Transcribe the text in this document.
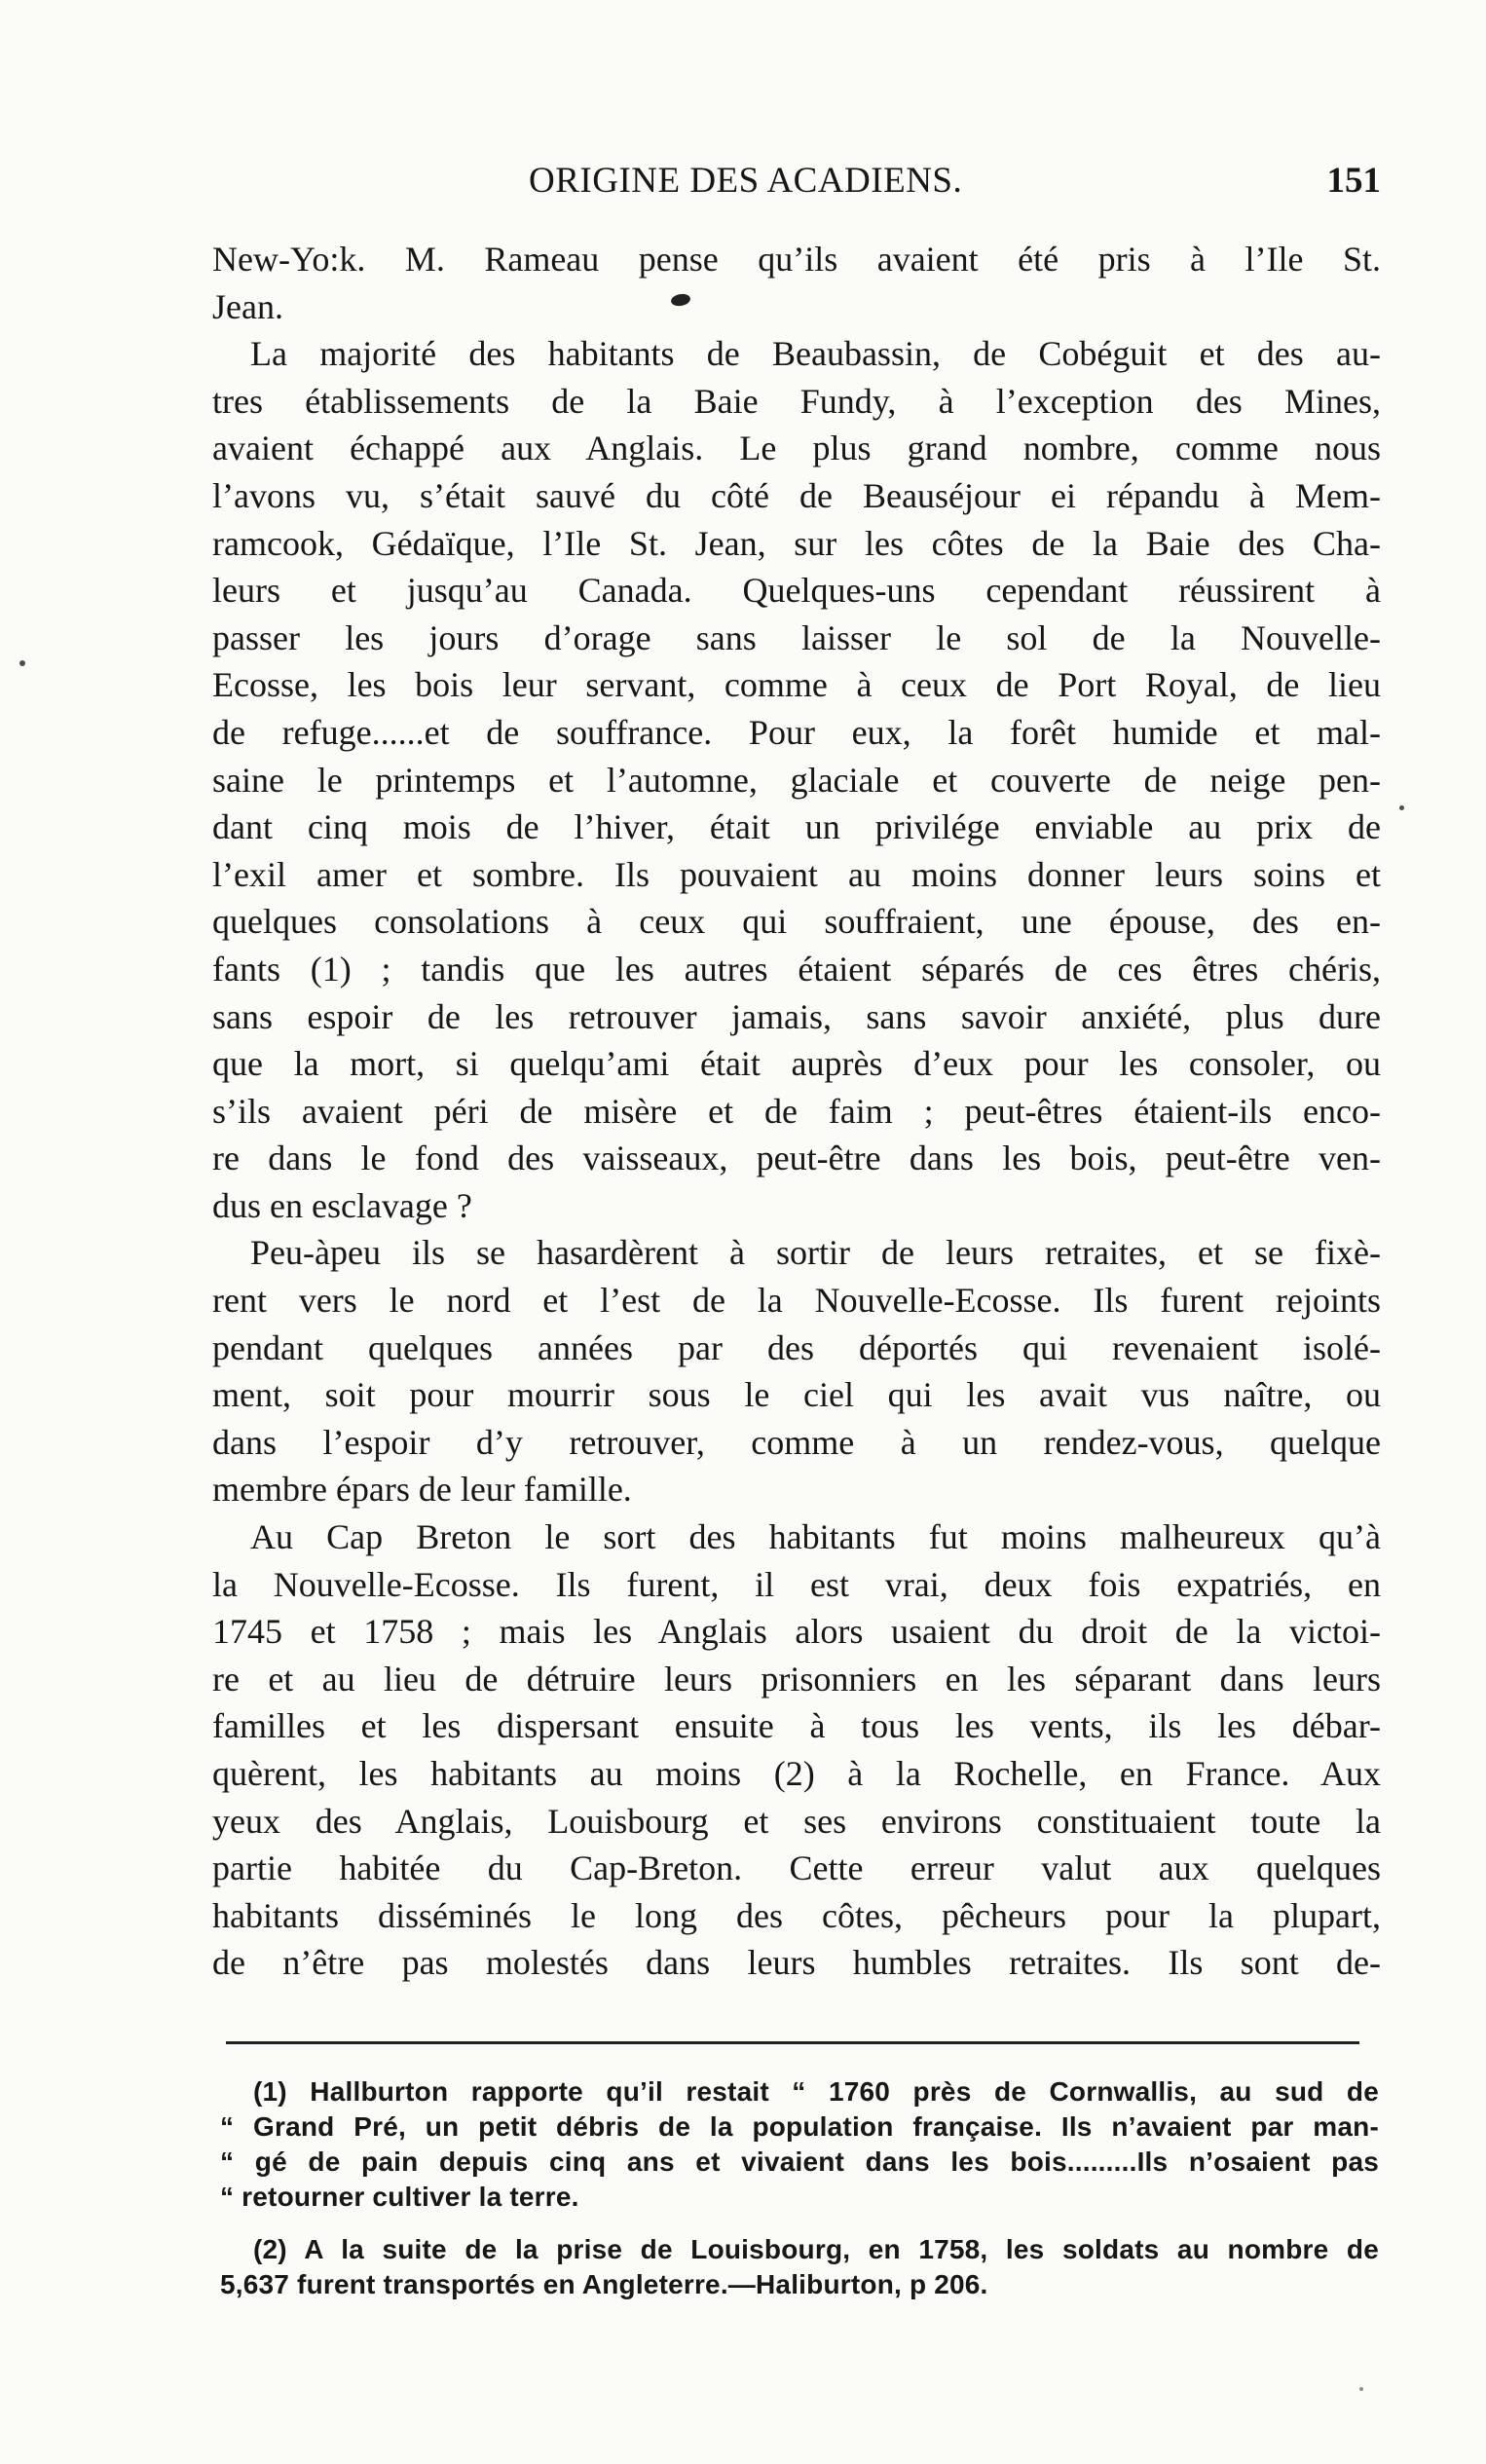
ORIGINE DES ACADIENS.	151
New-Yo:k. M. Rameau pense qu’ils avaient été pris à l’Ile St.
Jean.
La majorité des habitants de Beaubassin, de Cobéguit et des au-
tres établissements de la Baie Fundy, à l’exception des Mines,
avaient échappé aux Anglais. Le plus grand nombre, comme nous
l’avons vu, s’était sauvé du côté de Beauséjour ei répandu à Mem-
ramcook, Gédaïque, l’Ile St. Jean, sur les côtes de la Baie des Cha-
leurs et jusqu’au Canada. Quelques-uns cependant réussirent à
passer les jours d’orage sans laisser le sol de la Nouvelle-
Ecosse, les bois leur servant, comme à ceux de Port Royal, de lieu
de refuge......et de souffrance. Pour eux, la forêt humide et mal-
saine le printemps et l’automne, glaciale et couverte de neige pen-
dant cinq mois de l’hiver, était un privilége enviable au prix de
l’exil amer et sombre. Ils pouvaient au moins donner leurs soins et
quelques consolations à ceux qui souffraient, une épouse, des en-
fants (1) ; tandis que les autres étaient séparés de ces êtres chéris,
sans espoir de les retrouver jamais, sans savoir anxiété, plus dure
que la mort, si quelqu’ami était auprès d’eux pour les consoler, ou
s’ils avaient péri de misère et de faim ; peut-êtres étaient-ils enco-
re dans le fond des vaisseaux, peut-être dans les bois, peut-être ven-
dus en esclavage ?
Peu-àpeu ils se hasardèrent à sortir de leurs retraites, et se fixè-
rent vers le nord et l’est de la Nouvelle-Ecosse. Ils furent rejoints
pendant quelques années par des déportés qui revenaient isolé-
ment, soit pour mourrir sous le ciel qui les avait vus naître, ou
dans l’espoir d’y retrouver, comme à un rendez-vous, quelque
membre épars de leur famille.
Au Cap Breton le sort des habitants fut moins malheureux qu’à
la Nouvelle-Ecosse. Ils furent, il est vrai, deux fois expatriés, en
1745 et 1758 ; mais les Anglais alors usaient du droit de la victoi-
re et au lieu de détruire leurs prisonniers en les séparant dans leurs
familles et les dispersant ensuite à tous les vents, ils les débar-
quèrent, les habitants au moins (2) à la Rochelle, en France. Aux
yeux des Anglais, Louisbourg et ses environs constituaient toute la
partie habitée du Cap-Breton. Cette erreur valut aux quelques
habitants disséminés le long des côtes, pêcheurs pour la plupart,
de n’être pas molestés dans leurs humbles retraites. Ils sont de-
(1) Hallburton rapporte qu’il restait “ 1760 près de Cornwallis, au sud de
“ Grand Pré, un petit débris de la population française. Ils n’avaient par man-
“ gé de pain depuis cinq ans et vivaient dans les bois.........Ils n’osaient pas
“ retourner cultiver la terre.
(2) A la suite de la prise de Louisbourg, en 1758, les soldats au nombre de
5,637 furent transportés en Angleterre.—Haliburton, p 206.
